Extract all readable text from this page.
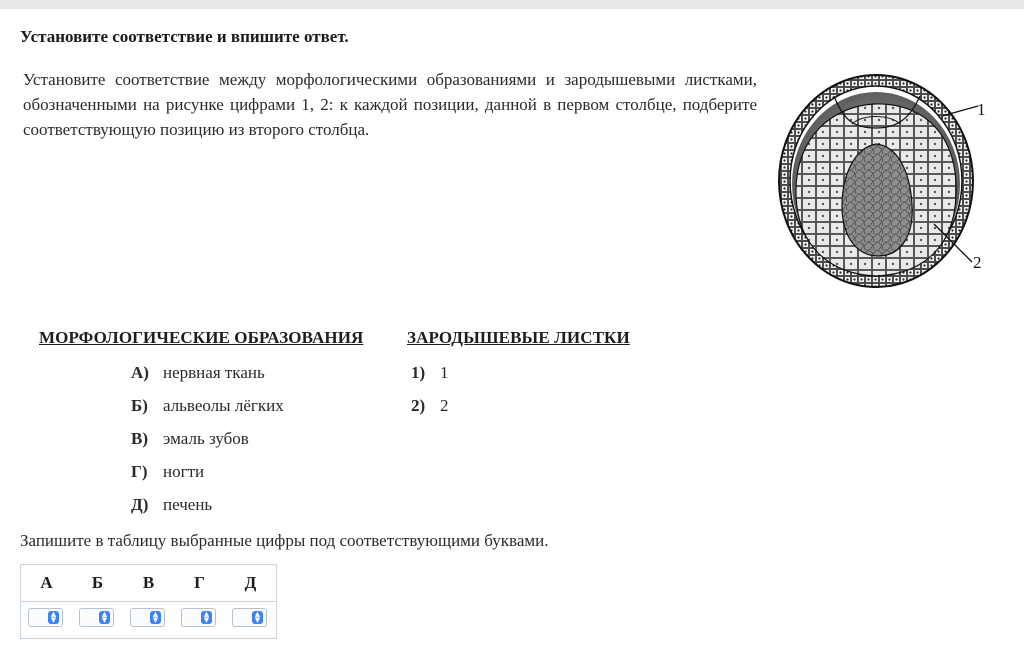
Установите соответствие и впишите ответ.
Установите соответствие между морфологическими образованиями и зародышевыми листками, обозначенными на рисунке цифрами 1, 2: к каждой позиции, данной в первом столбце, подберите соответствующую позицию из второго столбца.
1
2
МОРФОЛОГИЧЕСКИЕ ОБРАЗОВАНИЯ	ЗАРОДЫШЕВЫЕ ЛИСТКИ
А) нервная ткань
Б) альвеолы лёгких
В) эмаль зубов
Г) ногти
Д) печень
1) 1
2) 2
Запишите в таблицу выбранные цифры под соответствующими буквами.
А	Б	В	Г	Д
▲
▼
▲
▼
▲
▼
▲
▼
▲
▼
